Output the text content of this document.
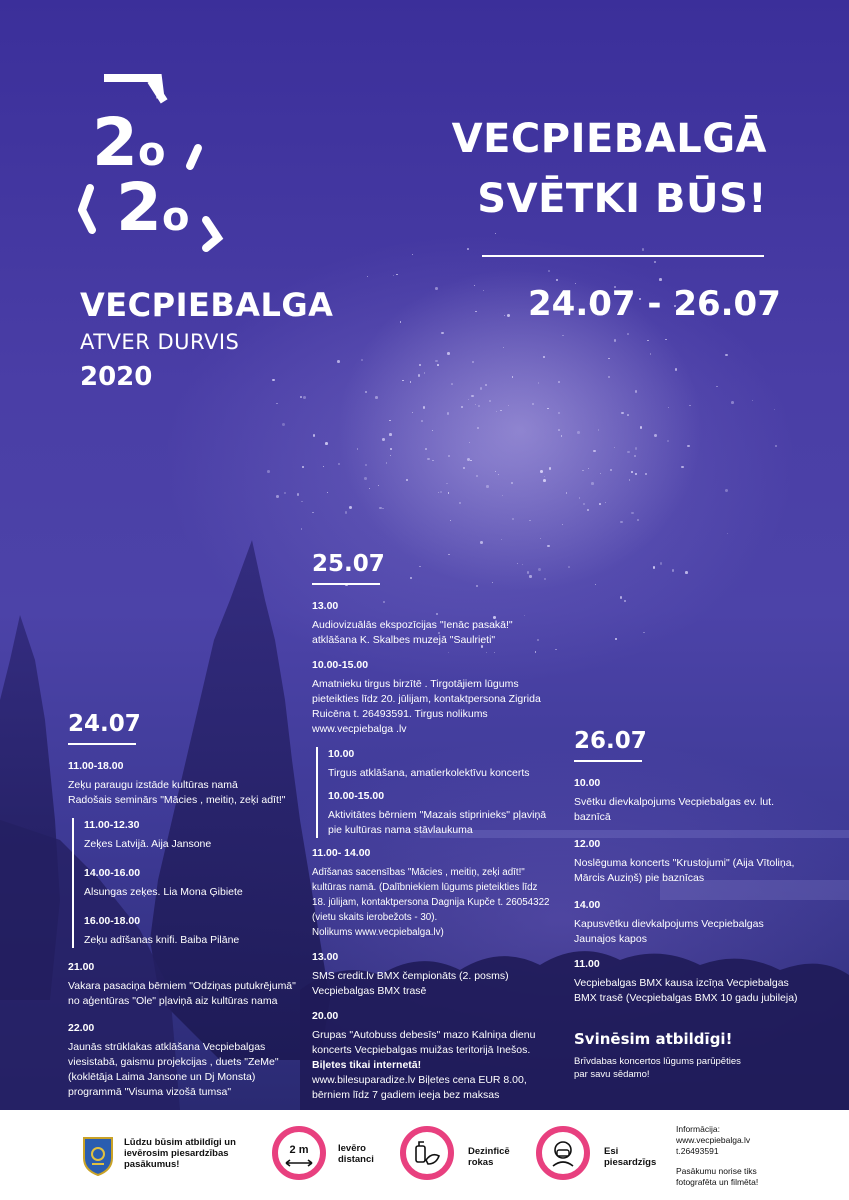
2 o
2 o
VECPIEBALGA
ATVER DURVIS
2020
VECPIEBALGĀ
SVĒTKI BŪS!
24.07 - 26.07
24.07
11.00-18.00
Zeķu paraugu izstāde kultūras namā
Radošais seminārs "Mācies , meitiņ, zeķi adīt!"
11.00-12.30
Zeķes Latvijā. Aija Jansone
14.00-16.00
Alsungas zeķes. Lia Mona Ģibiete
16.00-18.00
Zeķu adīšanas knifi. Baiba Pilāne
21.00
Vakara pasaciņa bērniem "Odziņas putukrējumā"
no aģentūras "Ole" pļaviņā aiz kultūras nama
22.00
Jaunās strūklakas atklāšana Vecpiebalgas
viesistabā, gaismu projekcijas , duets "ZeMe"
(koklētāja Laima Jansone un Dj Monsta)
programmā "Visuma vizošā tumsa"
25.07
13.00
Audiovizuālās ekspozīcijas "Ienāc pasakā!"
atklāšana K. Skalbes muzejā "Saulrieti"
10.00-15.00
Amatnieku tirgus birzītē . Tirgotājiem lūgums
pieteikties līdz 20. jūlijam, kontaktpersona Zigrida
Ruicēna t. 26493591. Tirgus nolikums
www.vecpiebalga .lv
10.00
Tirgus atklāšana, amatierkolektīvu koncerts
10.00-15.00
Aktivitātes bērniem "Mazais stiprinieks" pļaviņā
pie kultūras nama stāvlaukuma
11.00- 14.00
Adīšanas sacensības "Mācies , meitiņ, zeķi adīt!"
kultūras namā. (Dalībniekiem lūgums pieteikties līdz
18. jūlijam, kontaktpersona Dagnija Kupče t. 26054322
(vietu skaits ierobežots - 30).
Nolikums www.vecpiebalga.lv)
13.00
SMS credit.lv BMX čempionāts (2. posms)
Vecpiebalgas BMX trasē
20.00
Grupas "Autobuss debesīs" mazo Kalniņa dienu
koncerts Vecpiebalgas muižas teritorijā Inešos.
Biļetes tikai internetā!
www.bilesuparadize.lv Biļetes cena EUR 8.00,
bērniem līdz 7 gadiem ieeja bez maksas
26.07
10.00
Svētku dievkalpojums Vecpiebalgas ev. lut.
baznīcā
12.00
Noslēguma koncerts "Krustojumi" (Aija Vītoliņa,
Mārcis Auziņš) pie baznīcas
14.00
Kapusvētku dievkalpojums Vecpiebalgas
Jaunajos kapos
11.00
Vecpiebalgas BMX kausa izcīņa Vecpiebalgas
BMX trasē (Vecpiebalgas BMX 10 gadu jubileja)
Svinēsim atbildīgi!
Brīvdabas koncertos lūgums parūpēties
par savu sēdamo!
Lūdzu būsim atbildīgi un
ievērosim piesardzības
pasākumus!
2 m	Ievēro
distanci
Dezinficē
rokas
Esi
piesardzīgs
Informācija:
www.vecpiebalga.lv
t.26493591
Pasākumu norise tiks
fotografēta un filmēta!
